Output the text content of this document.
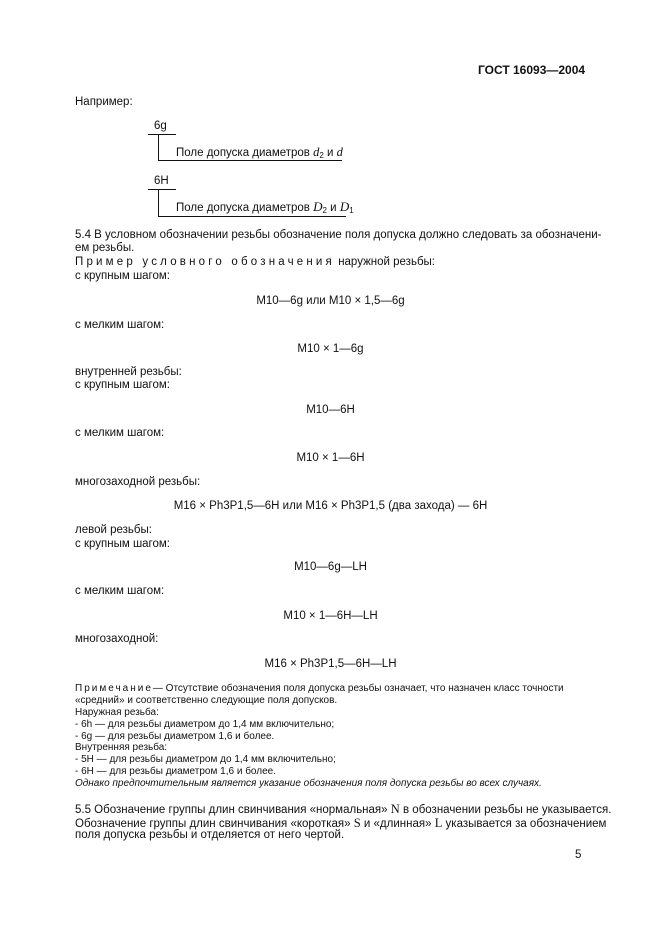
ГОСТ 16093—2004
Например:
6g
Поле допуска диаметров $d_2$ и d
6H
Поле допуска диаметров $D_2$ и $D_1$
5.4 В условном обозначении резьбы обозначение поля допуска должно следовать за обозначени-
ем резьбы.
Пример условного обозначения наружной резьбы:
с крупным шагом:
M10—6g или M10 × 1,5—6g
с мелким шагом:
M10 × 1—6g
внутренней резьбы:
с крупным шагом:
M10—6H
с мелким шагом:
M10 × 1—6H
многозаходной резьбы:
M16 × Ph3P1,5—6H или M16 × Ph3P1,5 (два захода) — 6H
левой резьбы:
с крупным шагом:
M10—6g—LH
с мелким шагом:
M10 × 1—6H—LH
многозаходной:
M16 × Ph3P1,5—6H—LH
Примечание— Отсутствие обозначения поля допуска резьбы означает, что назначен класс точности
«средний» и соответственно следующие поля допусков.
Наружная резьба:
- 6h — для резьбы диаметром до 1,4 мм включительно;
- 6g — для резьбы диаметром 1,6 и более.
Внутренняя резьба:
- 5H — для резьбы диаметром до 1,4 мм включительно;
- 6H — для резьбы диаметром 1,6 и более.
Однако предпочтительным является указание обозначения поля допуска резьбы во всех случаях.
5.5 Обозначение группы длин свинчивания «нормальная» N в обозначении резьбы не указывается.
Обозначение группы длин свинчивания «короткая» S и «длинная» L указывается за обозначением
поля допуска резьбы и отделяется от него чертой.
5
